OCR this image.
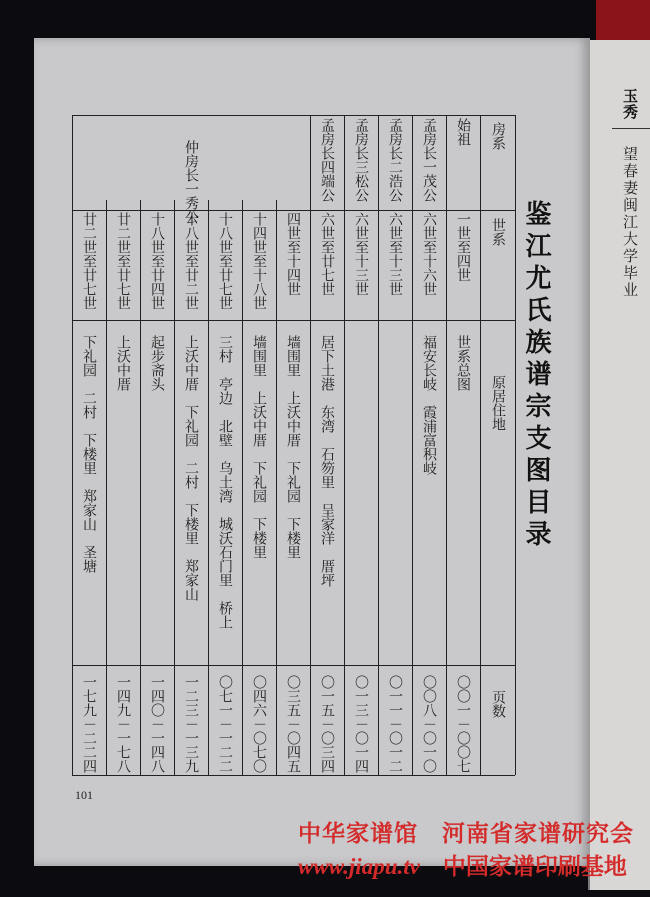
玉秀
望春妻闽江大学毕业
鉴江尤氏族谱宗支图目录
房系
世系
原居住地
页数
始祖
一世至四世
世系总图
〇〇一－〇〇七
孟房长一茂公
六世至十六世
福安长岐　霞浦富积岐
〇〇八－〇一〇
孟房长二浩公
六世至十三世
〇一一－〇一二
孟房长三松公
六世至十三世
〇一三－〇一四
孟房长四端公
六世至廿七世
居下土港　东湾　石笏里　呈家洋　厝坪
〇一五－〇三四
四世至十四世
墙围里　上沃中厝　下礼园　下楼里
〇三五－〇四五
十四世至十八世
墙围里　上沃中厝　下礼园　下楼里
〇四六－〇七〇
十八世至廿七世
三村　亭边　北壁　乌土湾　城沃石门里　桥上
〇七一－一二二
仲房长一秀公
十八世至廿二世
上沃中厝　下礼园　二村　下楼里　郑家山
一二三－一三九
十八世至廿四世
起步斋头
一四〇－一四八
廿二世至廿七世
上沃中厝
一四九－一七八
廿二世至廿七世
下礼园　二村　下楼里　郑家山　圣塘
一七九－二二四
101
中华家谱馆　河南省家谱研究会
www.jiapu.tv　 中国家谱印刷基地
